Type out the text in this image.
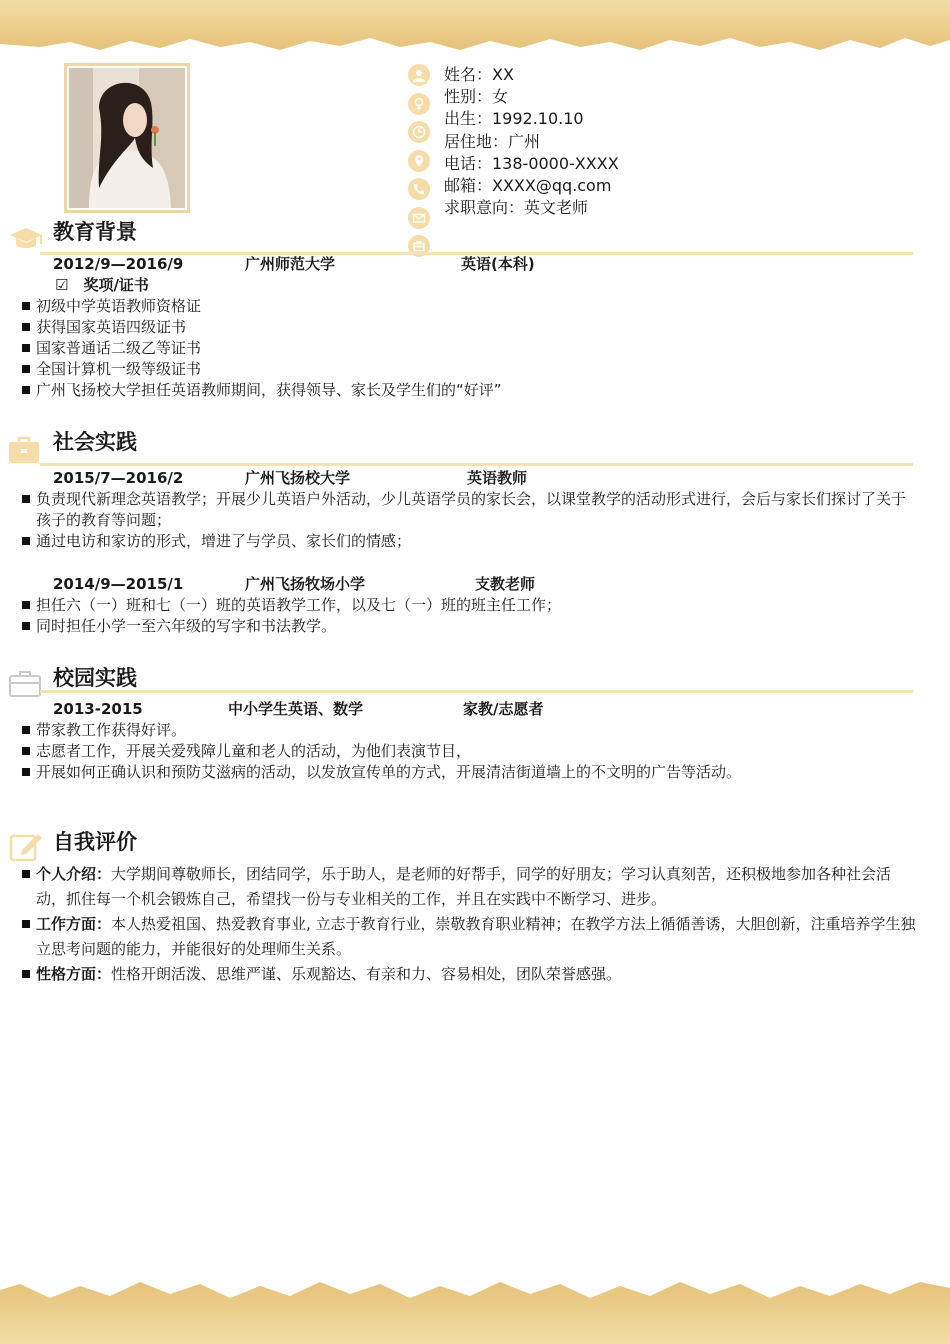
姓名：XX
性别：女
出生：1992.10.10
居住地：广州
电话：138-0000-XXXX
邮箱：XXXX@qq.com
求职意向：英文老师
教育背景
2012/9—2016/9	广州师范大学	英语(本科)
☑　奖项/证书
初级中学英语教师资格证
获得国家英语四级证书
国家普通话二级乙等证书
全国计算机一级等级证书
广州飞扬校大学担任英语教师期间，获得领导、家长及学生们的“好评”
社会实践
2015/7—2016/2	广州飞扬校大学	英语教师
负责现代新理念英语教学；开展少儿英语户外活动，少儿英语学员的家长会，以课堂教学的活动形式进行，会后与家长们探讨了关于孩子的教育等问题；
通过电访和家访的形式，增进了与学员、家长们的情感；
2014/9—2015/1	广州飞扬牧场小学	支教老师
担任六（一）班和七（一）班的英语教学工作，以及七（一）班的班主任工作；
同时担任小学一至六年级的写字和书法教学。
校园实践
2013-2015	中小学生英语、数学	家教/志愿者
带家教工作获得好评。
志愿者工作，开展关爱残障儿童和老人的活动，为他们表演节目，
开展如何正确认识和预防艾滋病的活动，以发放宣传单的方式，开展清洁街道墙上的不文明的广告等活动。
自我评价
个人介绍：大学期间尊敬师长，团结同学，乐于助人，是老师的好帮手，同学的好朋友；学习认真刻苦，还积极地参加各种社会活动，抓住每一个机会锻炼自己，希望找一份与专业相关的工作，并且在实践中不断学习、进步。
工作方面：本人热爱祖国、热爱教育事业, 立志于教育行业，崇敬教育职业精神；在教学方法上循循善诱，大胆创新，注重培养学生独立思考问题的能力，并能很好的处理师生关系。
性格方面：性格开朗活泼、思维严谨、乐观豁达、有亲和力、容易相处，团队荣誉感强。
